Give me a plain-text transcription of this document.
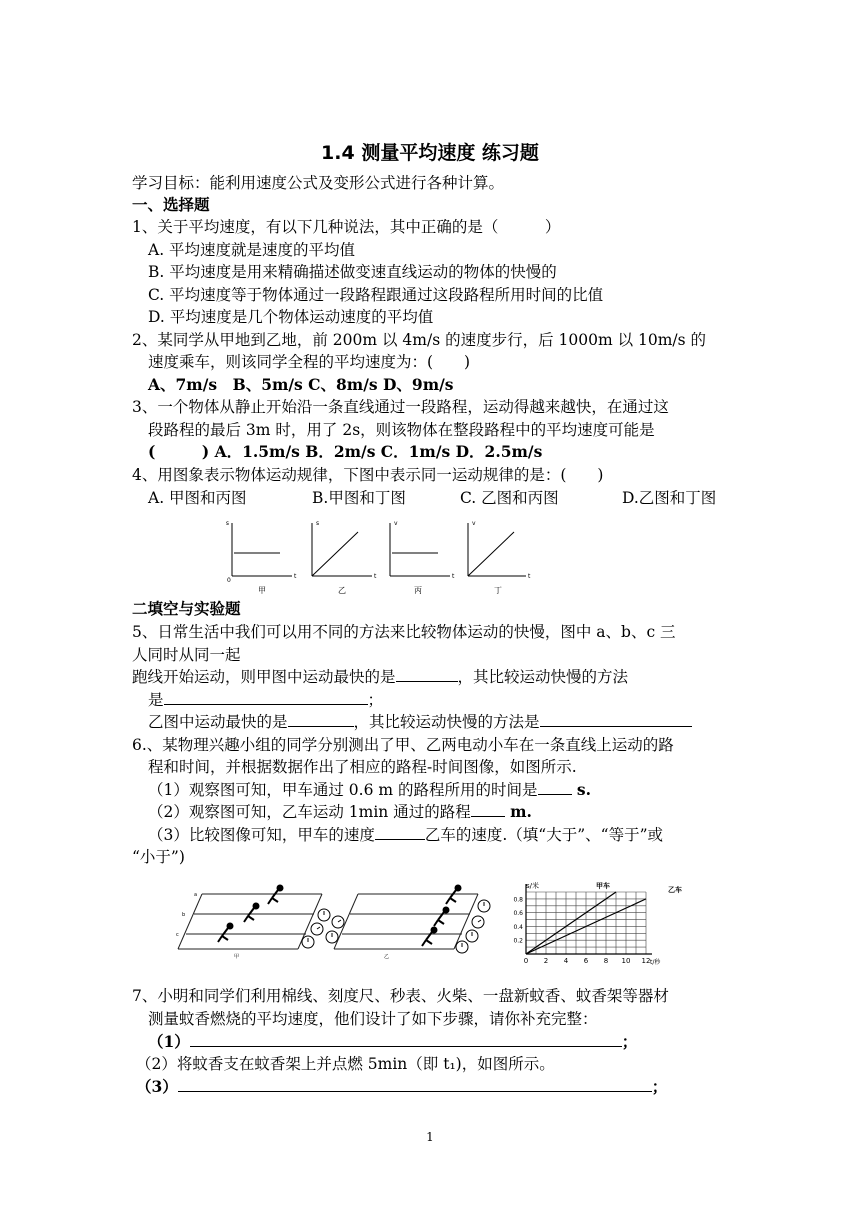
1.4 测量平均速度 练习题
学习目标：能利用速度公式及变形公式进行各种计算。
一、选择题
1、关于平均速度，有以下几种说法，其中正确的是（　　　）
A. 平均速度就是速度的平均值
B. 平均速度是用来精确描述做变速直线运动的物体的快慢的
C. 平均速度等于物体通过一段路程跟通过这段路程所用时间的比值
D. 平均速度是几个物体运动速度的平均值
2、某同学从甲地到乙地，前 200m 以 4m/s 的速度步行，后 1000m 以 10m/s 的
速度乘车，则该同学全程的平均速度为：(　　)
A、7m/s　B、5m/s C、8m/s D、9m/s
3、一个物体从静止开始沿一条直线通过一段路程，运动得越来越快，在通过这
段路程的最后 3m 时，用了 2s，则该物体在整段路程中的平均速度可能是
(　　　) A．1.5m/s B．2m/s C．1m/s D．2.5m/s
4、用图象表示物体运动规律，下图中表示同一运动规律的是：(　　)
A. 甲图和丙图	B.甲图和丁图	C. 乙图和丙图	D.乙图和丁图
s
t
0
甲
s
t
乙
v
t
丙
v
t
丁
二填空与实验题
5、日常生活中我们可以用不同的方法来比较物体运动的快慢，图中 a、b、c 三
人同时从同一起
跑线开始运动，则甲图中运动最快的是	，其比较运动快慢的方法
是	；
乙图中运动最快的是	，其比较运动快慢的方法是
6.、某物理兴趣小组的同学分别测出了甲、乙两电动小车在一条直线上运动的路
程和时间，并根据数据作出了相应的路程-时间图像，如图所示.
（1）观察图可知，甲车通过 0.6 m 的路程所用的时间是 s.
（2）观察图可知，乙车运动 1min 通过的路程 m.
（3）比较图像可知，甲车的速度	乙车的速度.（填“大于”、“等于”或
“小于”)
a
b
c
甲	乙	0 2 4 6 8 10 12
0.2
0.4
0.6
0.8
s/米
t/秒
甲车	乙车
7、小明和同学们利用棉线、刻度尺、秒表、火柴、一盘新蚊香、蚊香架等器材
测量蚊香燃烧的平均速度，他们设计了如下步骤，请你补充完整：
（1）	；
（2）将蚊香支在蚊香架上并点燃 5min（即 t₁)，如图所示。
（3）	；
1
